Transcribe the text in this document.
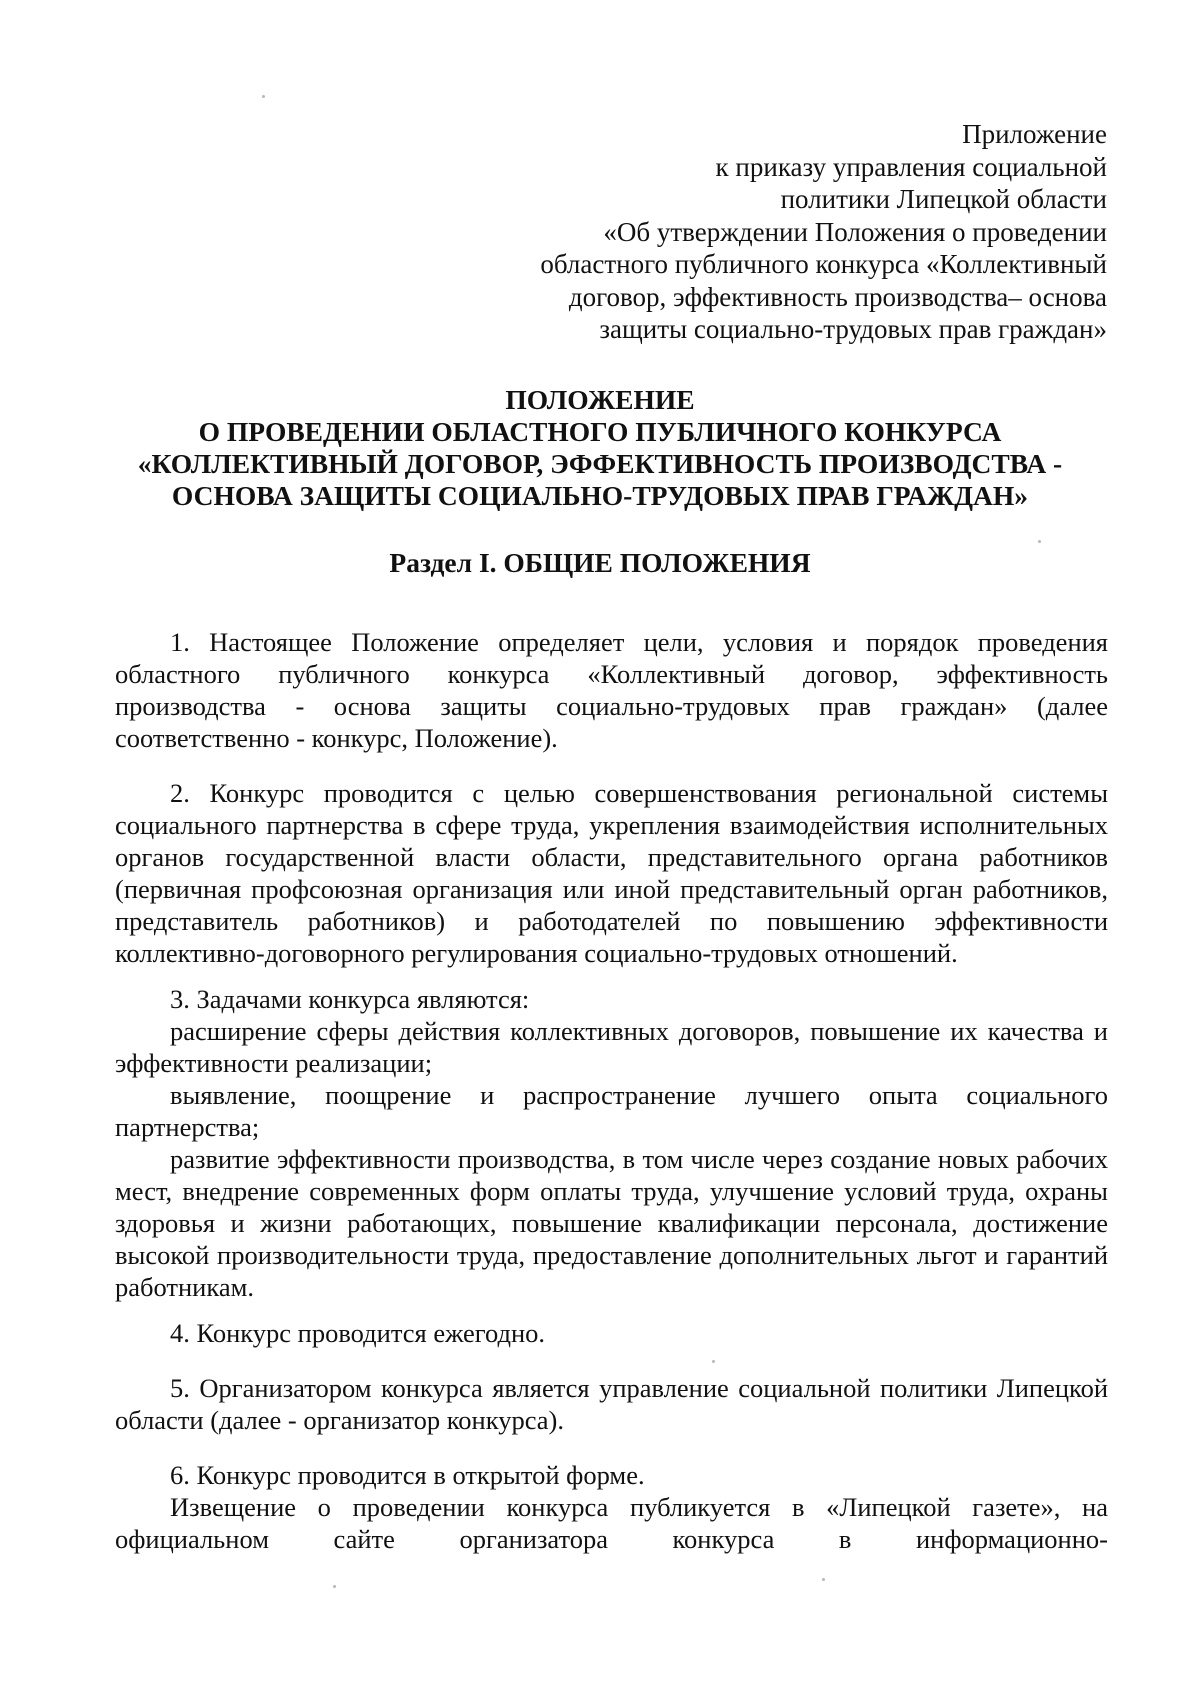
Приложение
к приказу управления социальной
политики Липецкой области
«Об утверждении Положения о проведении
областного публичного конкурса «Коллективный
договор, эффективность производства– основа
защиты социально-трудовых прав граждан»
ПОЛОЖЕНИЕ
О ПРОВЕДЕНИИ ОБЛАСТНОГО ПУБЛИЧНОГО КОНКУРСА
«КОЛЛЕКТИВНЫЙ ДОГОВОР, ЭФФЕКТИВНОСТЬ ПРОИЗВОДСТВА -
ОСНОВА ЗАЩИТЫ СОЦИАЛЬНО-ТРУДОВЫХ ПРАВ ГРАЖДАН»
Раздел I. ОБЩИЕ ПОЛОЖЕНИЯ

1. Настоящее Положение определяет цели, условия и порядок проведения областного публичного конкурса «Коллективный договор, эффективность производства - основа защиты социально-трудовых прав граждан» (далее соответственно - конкурс, Положение).

2. Конкурс проводится с целью совершенствования региональной системы социального партнерства в сфере труда, укрепления взаимодействия исполнительных органов государственной власти области, представительного органа работников (первичная профсоюзная организация или иной представительный орган работников, представитель работников) и работодателей по повышению эффективности коллективно-договорного регулирования социально-трудовых отношений.

3. Задачами конкурса являются:

расширение сферы действия коллективных договоров, повышение их качества и эффективности реализации;

выявление, поощрение и распространение лучшего опыта социального партнерства;

развитие эффективности производства, в том числе через создание новых рабочих мест, внедрение современных форм оплаты труда, улучшение условий труда, охраны здоровья и жизни работающих, повышение квалификации персонала, достижение высокой производительности труда, предоставление дополнительных льгот и гарантий работникам.

4. Конкурс проводится ежегодно.

5. Организатором конкурса является управление социальной политики Липецкой области (далее - организатор конкурса).

6. Конкурс проводится в открытой форме.

Извещение о проведении конкурса публикуется в «Липецкой газете», на официальном сайте организатора конкурса в информационно-
